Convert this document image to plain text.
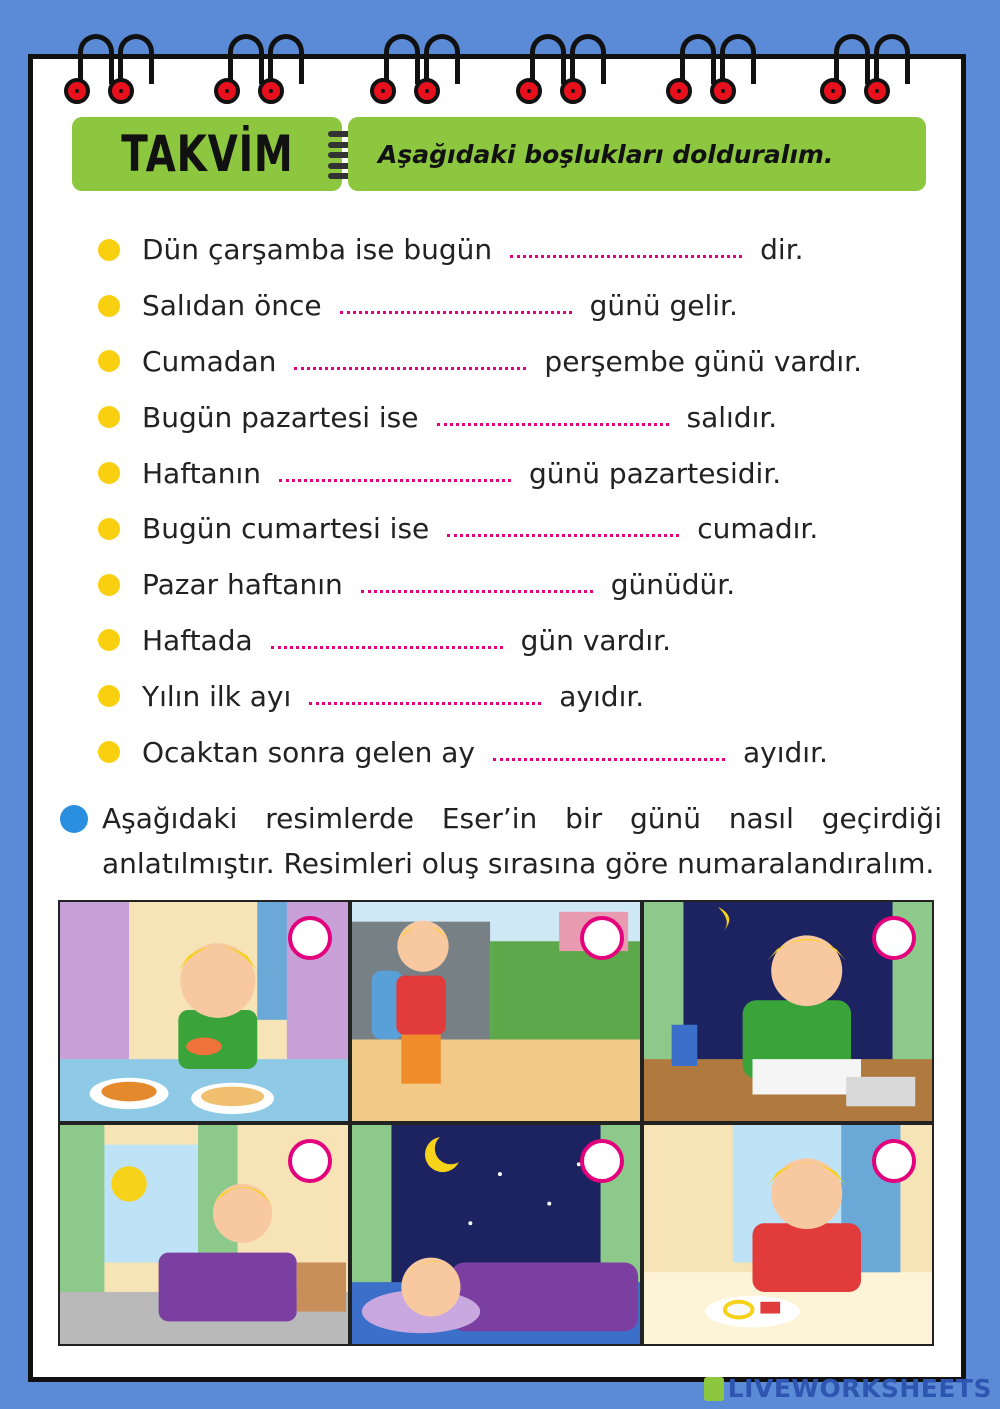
TAKVİM	Aşağıdaki boşlukları dolduralım.
Dün çarşamba ise bugün	dir.
Salıdan önce	günü gelir.
Cumadan	perşembe günü vardır.
Bugün pazartesi ise	salıdır.
Haftanın	günü pazartesidir.
Bugün cumartesi ise	cumadır.
Pazar haftanın	günüdür.
Haftada	gün vardır.
Yılın ilk ayı	ayıdır.
Ocaktan sonra gelen ay	ayıdır.
Aşağıdaki resimlerde Eser’in bir günü nasıl geçirdiği anlatılmıştır. Resimleri oluş sırasına göre numaralandıralım.
LIVEWORKSHEETS
